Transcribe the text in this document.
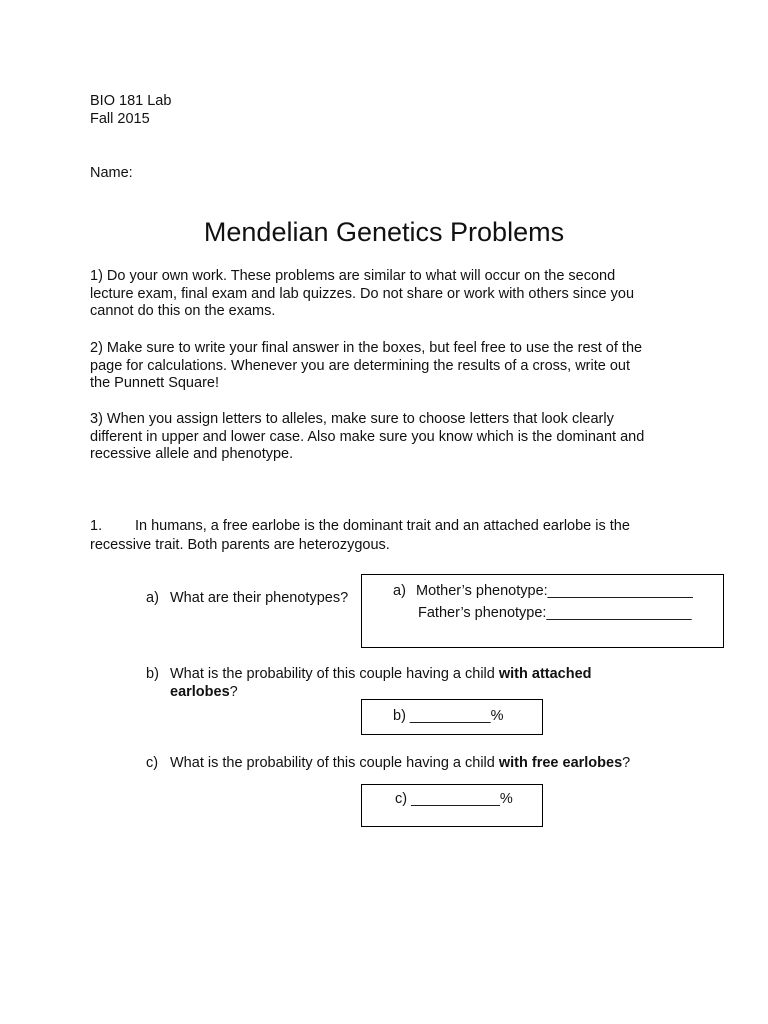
BIO 181 Lab
Fall 2015
Name:
Mendelian Genetics Problems
1) Do your own work. These problems are similar to what will occur on the second
lecture exam, final exam and lab quizzes. Do not share or work with others since you
cannot do this on the exams.
2) Make sure to write your final answer in the boxes, but feel free to use the rest of the
page for calculations. Whenever you are determining the results of a cross, write out
the Punnett Square!
3) When you assign letters to alleles, make sure to choose letters that look clearly
different in upper and lower case. Also make sure you know which is the dominant and
recessive allele and phenotype.
1. In humans, a free earlobe is the dominant trait and an attached earlobe is the
recessive trait. Both parents are heterozygous.
a) What are their phenotypes?	a) Mother’s phenotype:__________________
Father’s phenotype:__________________
b) What is the probability of this couple having a child with attached
earlobes?
b) __________%
c) What is the probability of this couple having a child with free earlobes?
c) ___________%
